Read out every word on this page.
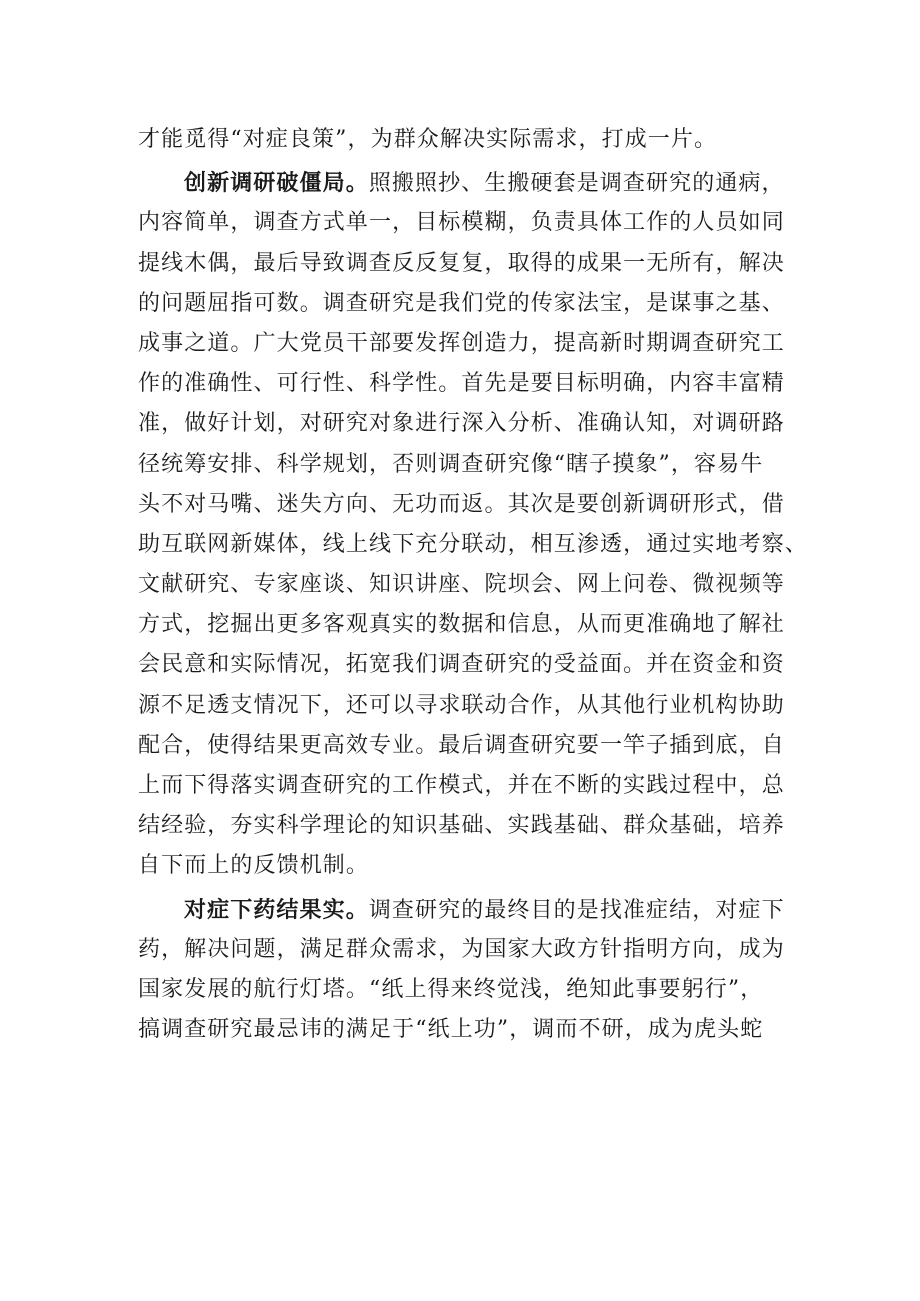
才能觅得“对症良策”，为群众解决实际需求，打成一片。
创新调研破僵局。照搬照抄、生搬硬套是调查研究的通病，
内容简单，调查方式单一，目标模糊，负责具体工作的人员如同
提线木偶，最后导致调查反反复复，取得的成果一无所有，解决
的问题屈指可数。调查研究是我们党的传家法宝，是谋事之基、
成事之道。广大党员干部要发挥创造力，提高新时期调查研究工
作的准确性、可行性、科学性。首先是要目标明确，内容丰富精
准，做好计划，对研究对象进行深入分析、准确认知，对调研路
径统筹安排、科学规划，否则调查研究像“瞎子摸象”，容易牛
头不对马嘴、迷失方向、无功而返。其次是要创新调研形式，借
助互联网新媒体，线上线下充分联动，相互渗透，通过实地考察、
文献研究、专家座谈、知识讲座、院坝会、网上问卷、微视频等
方式，挖掘出更多客观真实的数据和信息，从而更准确地了解社
会民意和实际情况，拓宽我们调查研究的受益面。并在资金和资
源不足透支情况下，还可以寻求联动合作，从其他行业机构协助
配合，使得结果更高效专业。最后调查研究要一竿子插到底，自
上而下得落实调查研究的工作模式，并在不断的实践过程中，总
结经验，夯实科学理论的知识基础、实践基础、群众基础，培养
自下而上的反馈机制。
对症下药结果实。调查研究的最终目的是找准症结，对症下
药，解决问题，满足群众需求，为国家大政方针指明方向，成为
国家发展的航行灯塔。“纸上得来终觉浅，绝知此事要躬行”，
搞调查研究最忌讳的满足于“纸上功”，调而不研，成为虎头蛇
